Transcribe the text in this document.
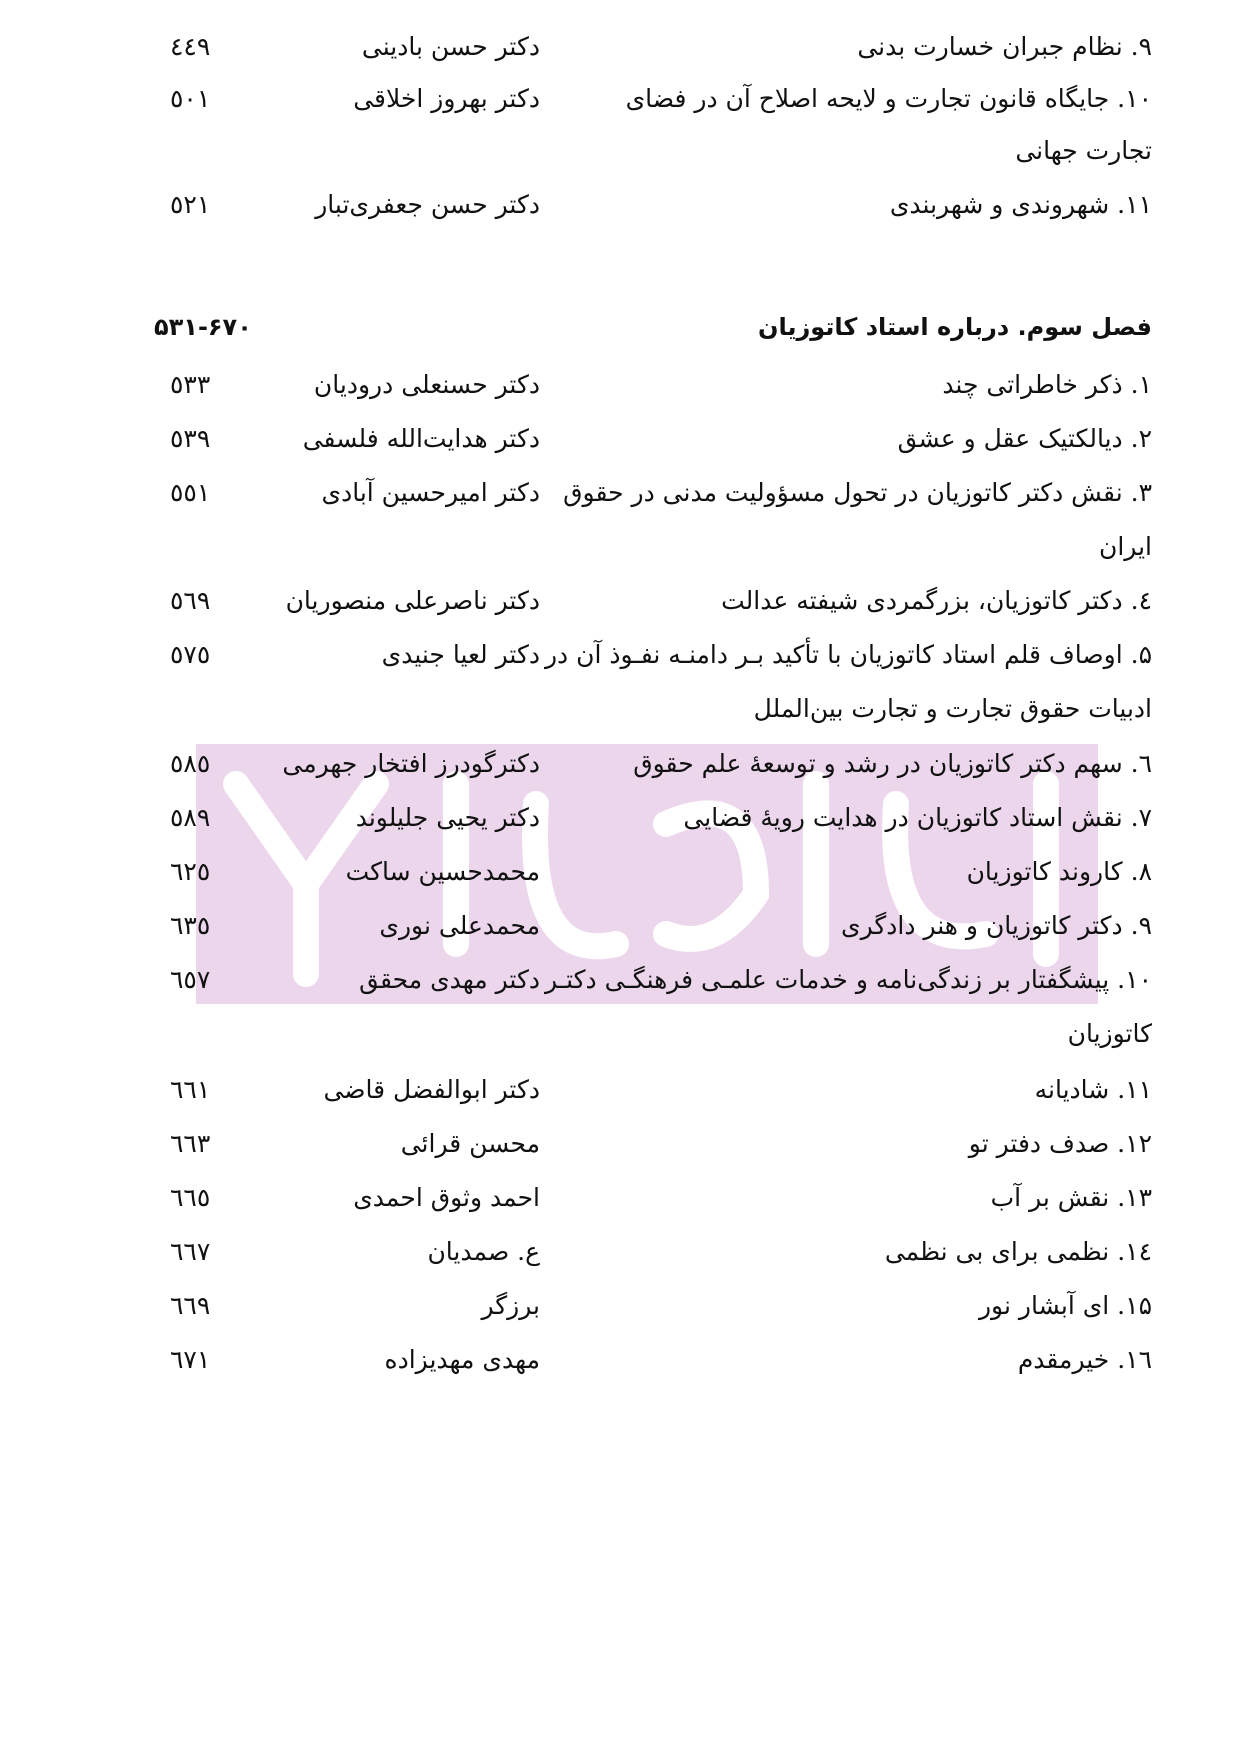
۹. نظام جبران خسارت بدنی
دکتر حسن بادینی
٤٤٩
۱۰. جایگاه قانون تجارت و لایحه اصلاح آن در فضای
دکتر بهروز اخلاقی
٥٠١
تجارت جهانی
۱۱. شهروندی و شهربندی
دکتر حسن جعفری‌تبار
٥٢١
فصل سوم. درباره استاد کاتوزیان
۵۳۱-۶۷۰
۱. ذکر خاطراتی چند
دکتر حسنعلی درودیان
٥٣٣
۲. دیالکتیک عقل و عشق
دکتر هدایت‌الله فلسفی
٥٣٩
۳. نقش دکتر کاتوزیان در تحول مسؤولیت مدنی در حقوق
دکتر امیرحسین آبادی
٥٥١
ایران
٤. دکتر کاتوزیان، بزرگمردی شیفته عدالت
دکتر ناصرعلی منصوریان
٥٦٩
۵. اوصاف قلم استاد کاتوزیان با تأکید بـر دامنـه نفـوذ آن در
دکتر لعیا جنیدی
٥٧٥
ادبیات حقوق تجارت و تجارت بین‌الملل
٦. سهم دکتر کاتوزیان در رشد و توسعهٔ علم حقوق
دکترگودرز افتخار جهرمی
٥٨٥
۷. نقش استاد کاتوزیان در هدایت رویهٔ قضایی
دکتر یحیی جلیلوند
٥٨٩
۸. کاروند کاتوزیان
محمدحسین ساکت
٦٢٥
۹. دکتر کاتوزیان و هنر دادگری
محمدعلی نوری
٦٣٥
۱۰. پیشگفتار بر زندگی‌نامه و خدمات علمـی فرهنگـی دکتـر
دکتر مهدی محقق
٦٥٧
کاتوزیان
۱۱. شادیانه
دکتر ابوالفضل قاضی
٦٦١
۱۲. صدف دفتر تو
محسن قرائی
٦٦٣
۱۳. نقش بر آب
احمد وثوق احمدی
٦٦٥
١٤. نظمی برای بی نظمی
ع. صمدیان
٦٦٧
۱۵. ای آبشار نور
برزگر
٦٦٩
۱٦. خیرمقدم
مهدی مهدیزاده
٦٧١
